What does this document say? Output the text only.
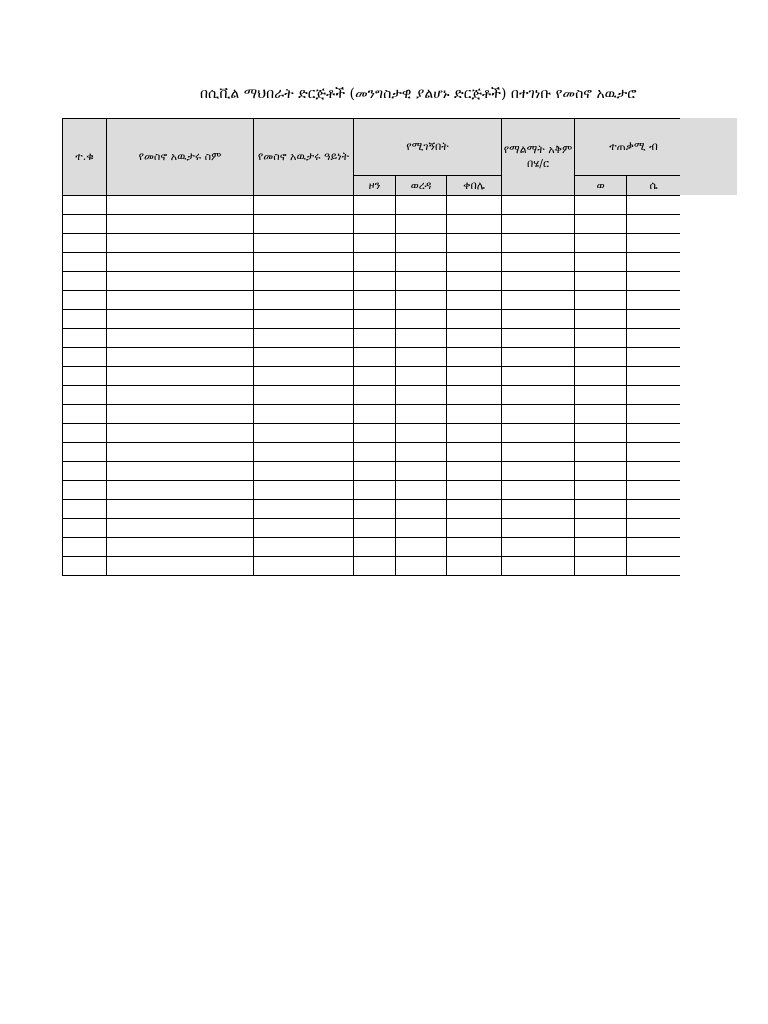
በሲቪል ማህበራት ድርጅቶች (መንግስታዊ ያልሆኑ ድርጅቶች) በተገነቡ የመስኖ አዉታሮ
ተ.ቁ	የመስኖ አዉታሩ ስም	የመስኖ አዉታሩ ዓይነት	የሚገኝበት			የማልማት አቅም በሄ/ር	ተጠቃሚ ብ		
			ዞን	ወረዳ	ቀበሌ		ወ	ሴ	
